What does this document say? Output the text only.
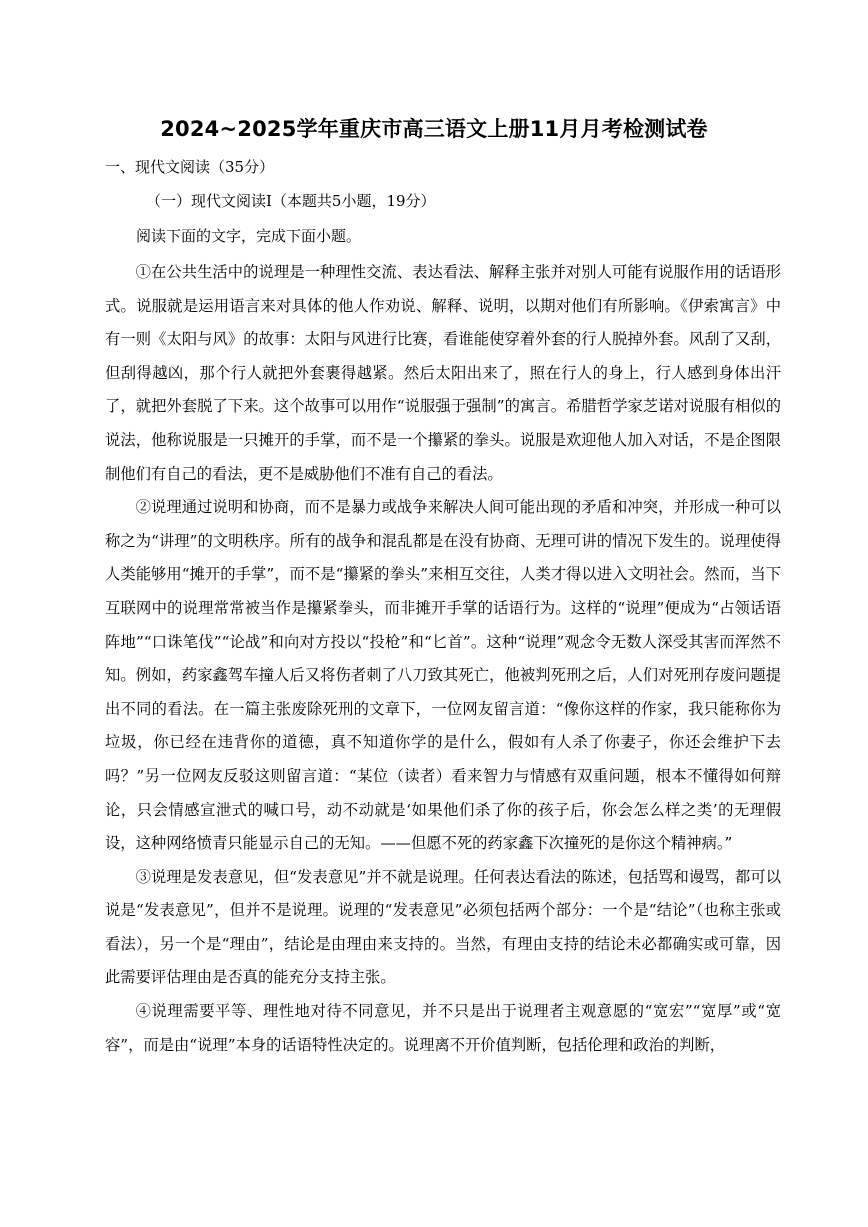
2024~2025学年重庆市高三语文上册11月月考检测试卷
一、现代文阅读（35分）
（一）现代文阅读Ⅰ（本题共5小题，19分）
阅读下面的文字，完成下面小题。

①在公共生活中的说理是一种理性交流、表达看法、解释主张并对别人可能有说服作用的话语形式。说服就是运用语言来对具体的他人作劝说、解释、说明，以期对他们有所影响。《伊索寓言》中有一则《太阳与风》的故事：太阳与风进行比赛，看谁能使穿着外套的行人脱掉外套。风刮了又刮，但刮得越凶，那个行人就把外套裹得越紧。然后太阳出来了，照在行人的身上，行人感到身体出汗了，就把外套脱了下来。这个故事可以用作“说服强于强制”的寓言。希腊哲学家芝诺对说服有相似的说法，他称说服是一只摊开的手掌，而不是一个攥紧的拳头。说服是欢迎他人加入对话，不是企图限制他们有自己的看法，更不是威胁他们不准有自己的看法。

②说理通过说明和协商，而不是暴力或战争来解决人间可能出现的矛盾和冲突，并形成一种可以称之为“讲理”的文明秩序。所有的战争和混乱都是在没有协商、无理可讲的情况下发生的。说理使得人类能够用“摊开的手掌”，而不是“攥紧的拳头”来相互交往，人类才得以进入文明社会。然而，当下互联网中的说理常常被当作是攥紧拳头，而非摊开手掌的话语行为。这样的“说理”便成为“占领话语阵地”“口诛笔伐”“论战”和向对方投以“投枪”和“匕首”。这种“说理”观念令无数人深受其害而浑然不知。例如，药家鑫驾车撞人后又将伤者刺了八刀致其死亡，他被判死刑之后，人们对死刑存废问题提出不同的看法。在一篇主张废除死刑的文章下，一位网友留言道：“像你这样的作家，我只能称你为垃圾，你已经在违背你的道德，真不知道你学的是什么，假如有人杀了你妻子，你还会维护下去吗？”另一位网友反驳这则留言道：“某位（读者）看来智力与情感有双重问题，根本不懂得如何辩论，只会情感宣泄式的喊口号，动不动就是‘如果他们杀了你的孩子后，你会怎么样之类’的无理假设，这种网络愤青只能显示自己的无知。——但愿不死的药家鑫下次撞死的是你这个精神病。”

③说理是发表意见，但“发表意见”并不就是说理。任何表达看法的陈述，包括骂和谩骂，都可以说是“发表意见”，但并不是说理。说理的“发表意见”必须包括两个部分：一个是“结论”（也称主张或看法），另一个是“理由”，结论是由理由来支持的。当然，有理由支持的结论未必都确实或可靠，因此需要评估理由是否真的能充分支持主张。

④说理需要平等、理性地对待不同意见，并不只是出于说理者主观意愿的“宽宏”“宽厚”或“宽容”，而是由“说理”本身的话语特性决定的。说理离不开价值判断，包括伦理和政治的判断，
